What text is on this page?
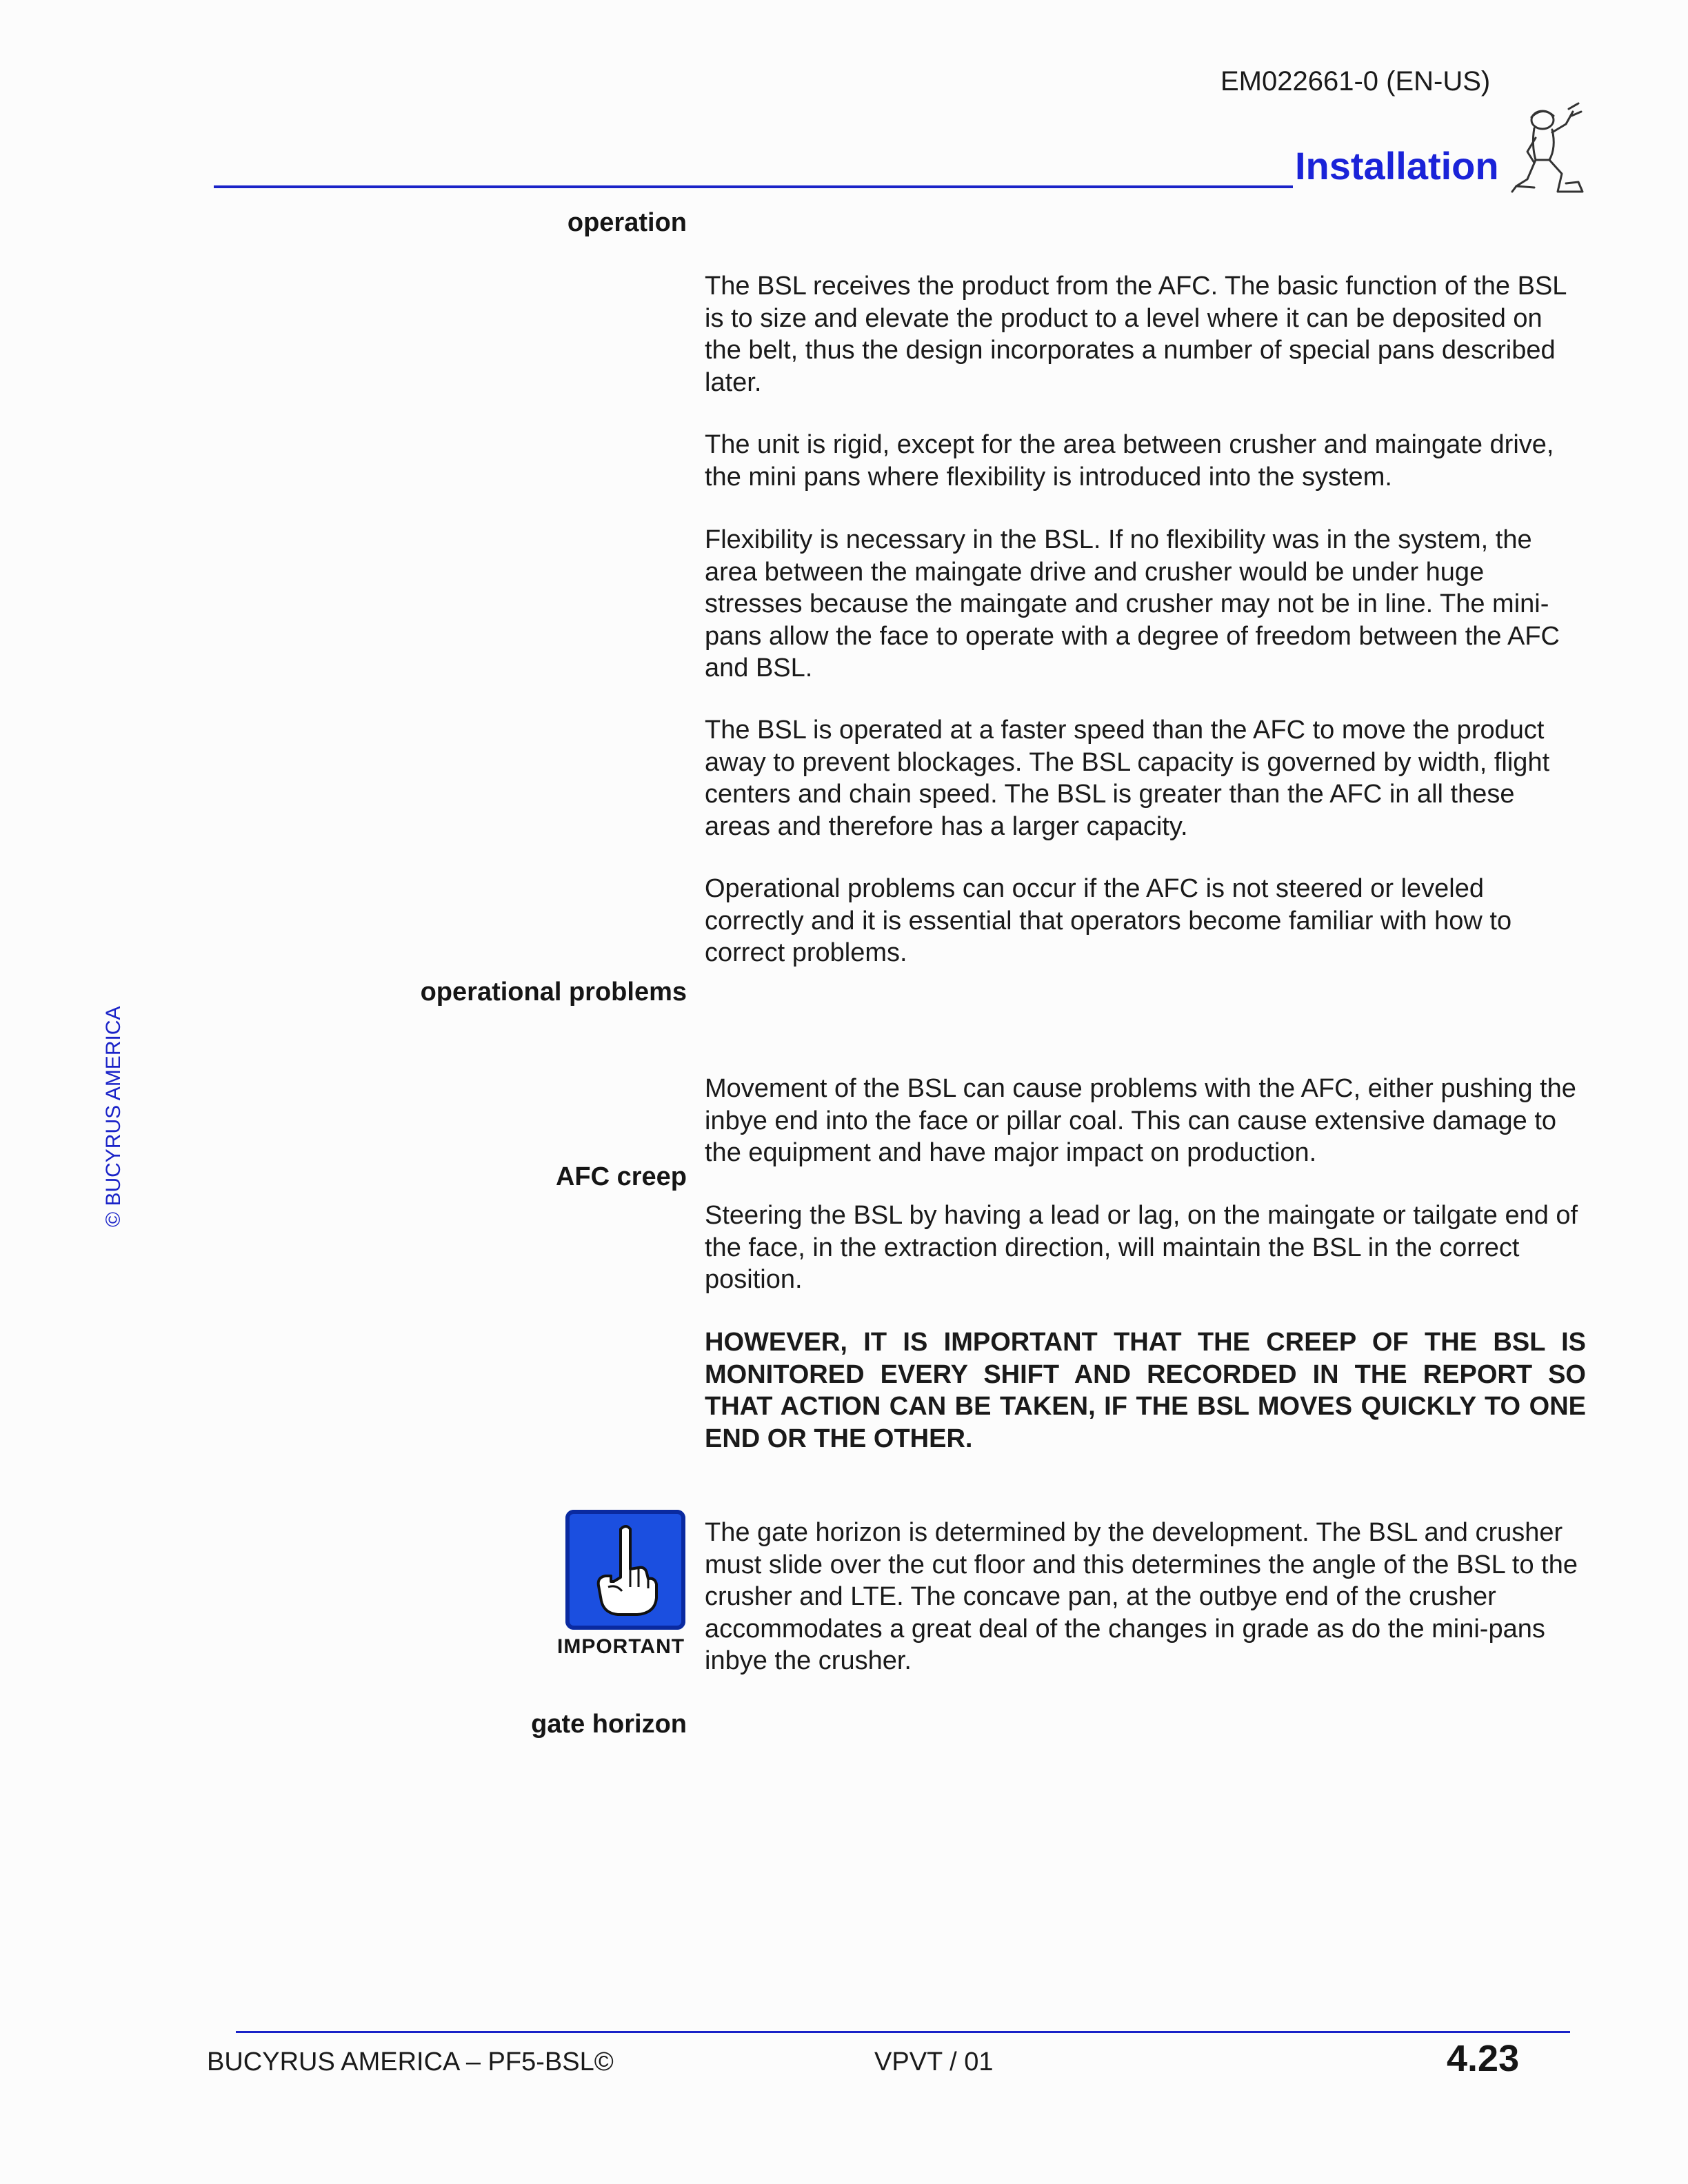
EM022661-0 (EN-US)
Installation
© BUCYRUS AMERICA
operation
operational problems
AFC creep
gate horizon

The BSL receives the product from the AFC. The basic function of the BSL is to size and elevate the product to a level where it can be deposited on the belt, thus the design incorporates a number of special pans described later.

The unit is rigid, except for the area between crusher and maingate drive, the mini pans where flexibility is introduced into the system.

Flexibility is necessary in the BSL. If no flexibility was in the system, the area between the maingate drive and crusher would be under huge stresses because the maingate and crusher may not be in line. The mini-pans allow the face to operate with a degree of freedom between the AFC and BSL.

The BSL is operated at a faster speed than the AFC to move the product away to prevent blockages. The BSL capacity is governed by width, flight centers and chain speed. The BSL is greater than the AFC in all these areas and therefore has a larger capacity.

Operational problems can occur if the AFC is not steered or leveled correctly and it is essential that operators become familiar with how to correct problems.

Movement of the BSL can cause problems with the AFC, either pushing the inbye end into the face or pillar coal. This can cause extensive damage to the equipment and have major impact on production.

Steering the BSL by having a lead or lag, on the maingate or tailgate end of the face, in the extraction direction, will maintain the BSL in the correct position.

HOWEVER, IT IS IMPORTANT THAT THE CREEP OF THE BSL IS MONITORED EVERY SHIFT AND RECORDED IN THE REPORT SO THAT ACTION CAN BE TAKEN, IF THE BSL MOVES QUICKLY TO ONE END OR THE OTHER.

The gate horizon is determined by the development. The BSL and crusher must slide over the cut floor and this determines the angle of the BSL to the crusher and LTE. The concave pan, at the outbye end of the crusher accommodates a great deal of the changes in grade as do the mini-pans inbye the crusher.

IMPORTANT
BUCYRUS AMERICA – PF5-BSL©	VPVT / 01	4.23
